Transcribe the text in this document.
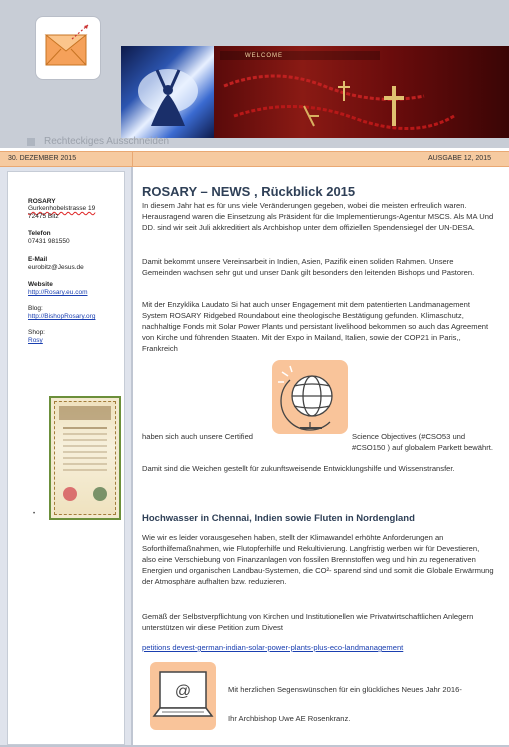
WELCOME
Rechteckiges Ausschneiden
30. DEZEMBER 2015	AUSGABE 12, 2015
ROSARY
Gurkenhobelstrasse 19
72475 Bitz
Telefon
07431 981550
E-Mail
eurobitz@Jesus.de
Website
http://Rosary.eu.com
Blog:
http://BishopRosary.org
Shop:
Rosy
•
ROSARY – NEWS , Rückblick 2015
In diesem Jahr hat es für uns viele Veränderungen gegeben, wobei die meisten erfreulich waren. Herausragend waren die Einsetzung als Präsident für die Implementierungs-Agentur MSCS. Als MA Und DD. sind wir seit Juli akkreditiert als Archbishop unter dem offiziellen Spendensiegel der UN-DESA.
Damit bekommt unsere Vereinsarbeit in Indien, Asien, Pazifik einen soliden Rahmen. Unsere Gemeinden wachsen sehr gut und unser Dank gilt besonders den leitenden Bishops und Pastoren.
Mit der Enzyklika Laudato Si hat auch unser Engagement mit dem patentierten Landmanagement System ROSARY Ridgebed Roundabout eine theologische Bestätigung gefunden. Klimaschutz, nachhaltige Fonds mit Solar Power Plants und persistant livelihood bekommen so auch das Agreement von Kirche und führenden Staaten. Mit der Expo in Mailand, Italien, sowie der COP21 in Paris,, Frankreich
haben sich auch unsere Certified	Science Objectives (#CSO53 und #CSO150 ) auf globalem Parkett bewährt.
Damit sind die Weichen gestellt für zukunftsweisende Entwicklungshilfe und Wissenstransfer.
Hochwasser in Chennai, Indien sowie Fluten in Nordengland
Wie wir es leider vorausgesehen haben, stellt der Klimawandel erhöhte Anforderungen an Soforthilfemaßnahmen, wie Flutopferhilfe und Rekultivierung. Langfristig werben wir für Devestieren, also eine Verschiebung von Finanzanlagen von fossilen Brennstoffen weg und hin zu regenerativen Energien und organischen Landbau-Systemen, die CO²- sparend sind und somit die Globale Erwärmung der Atmosphäre aufhalten bzw. reduzieren.
Gemäß der Selbstverpflichtung von Kirchen und Institutionellen wie Privatwirtschaftlichen Anlegern unterstützen wir diese Petition zum Divest
petitions devest-german-indian-solar-power-plants-plus-eco-landmanagement
@	Mit herzlichen Segenswünschen für ein glückliches Neues Jahr 2016-
Ihr Archbishop Uwe AE Rosenkranz.
